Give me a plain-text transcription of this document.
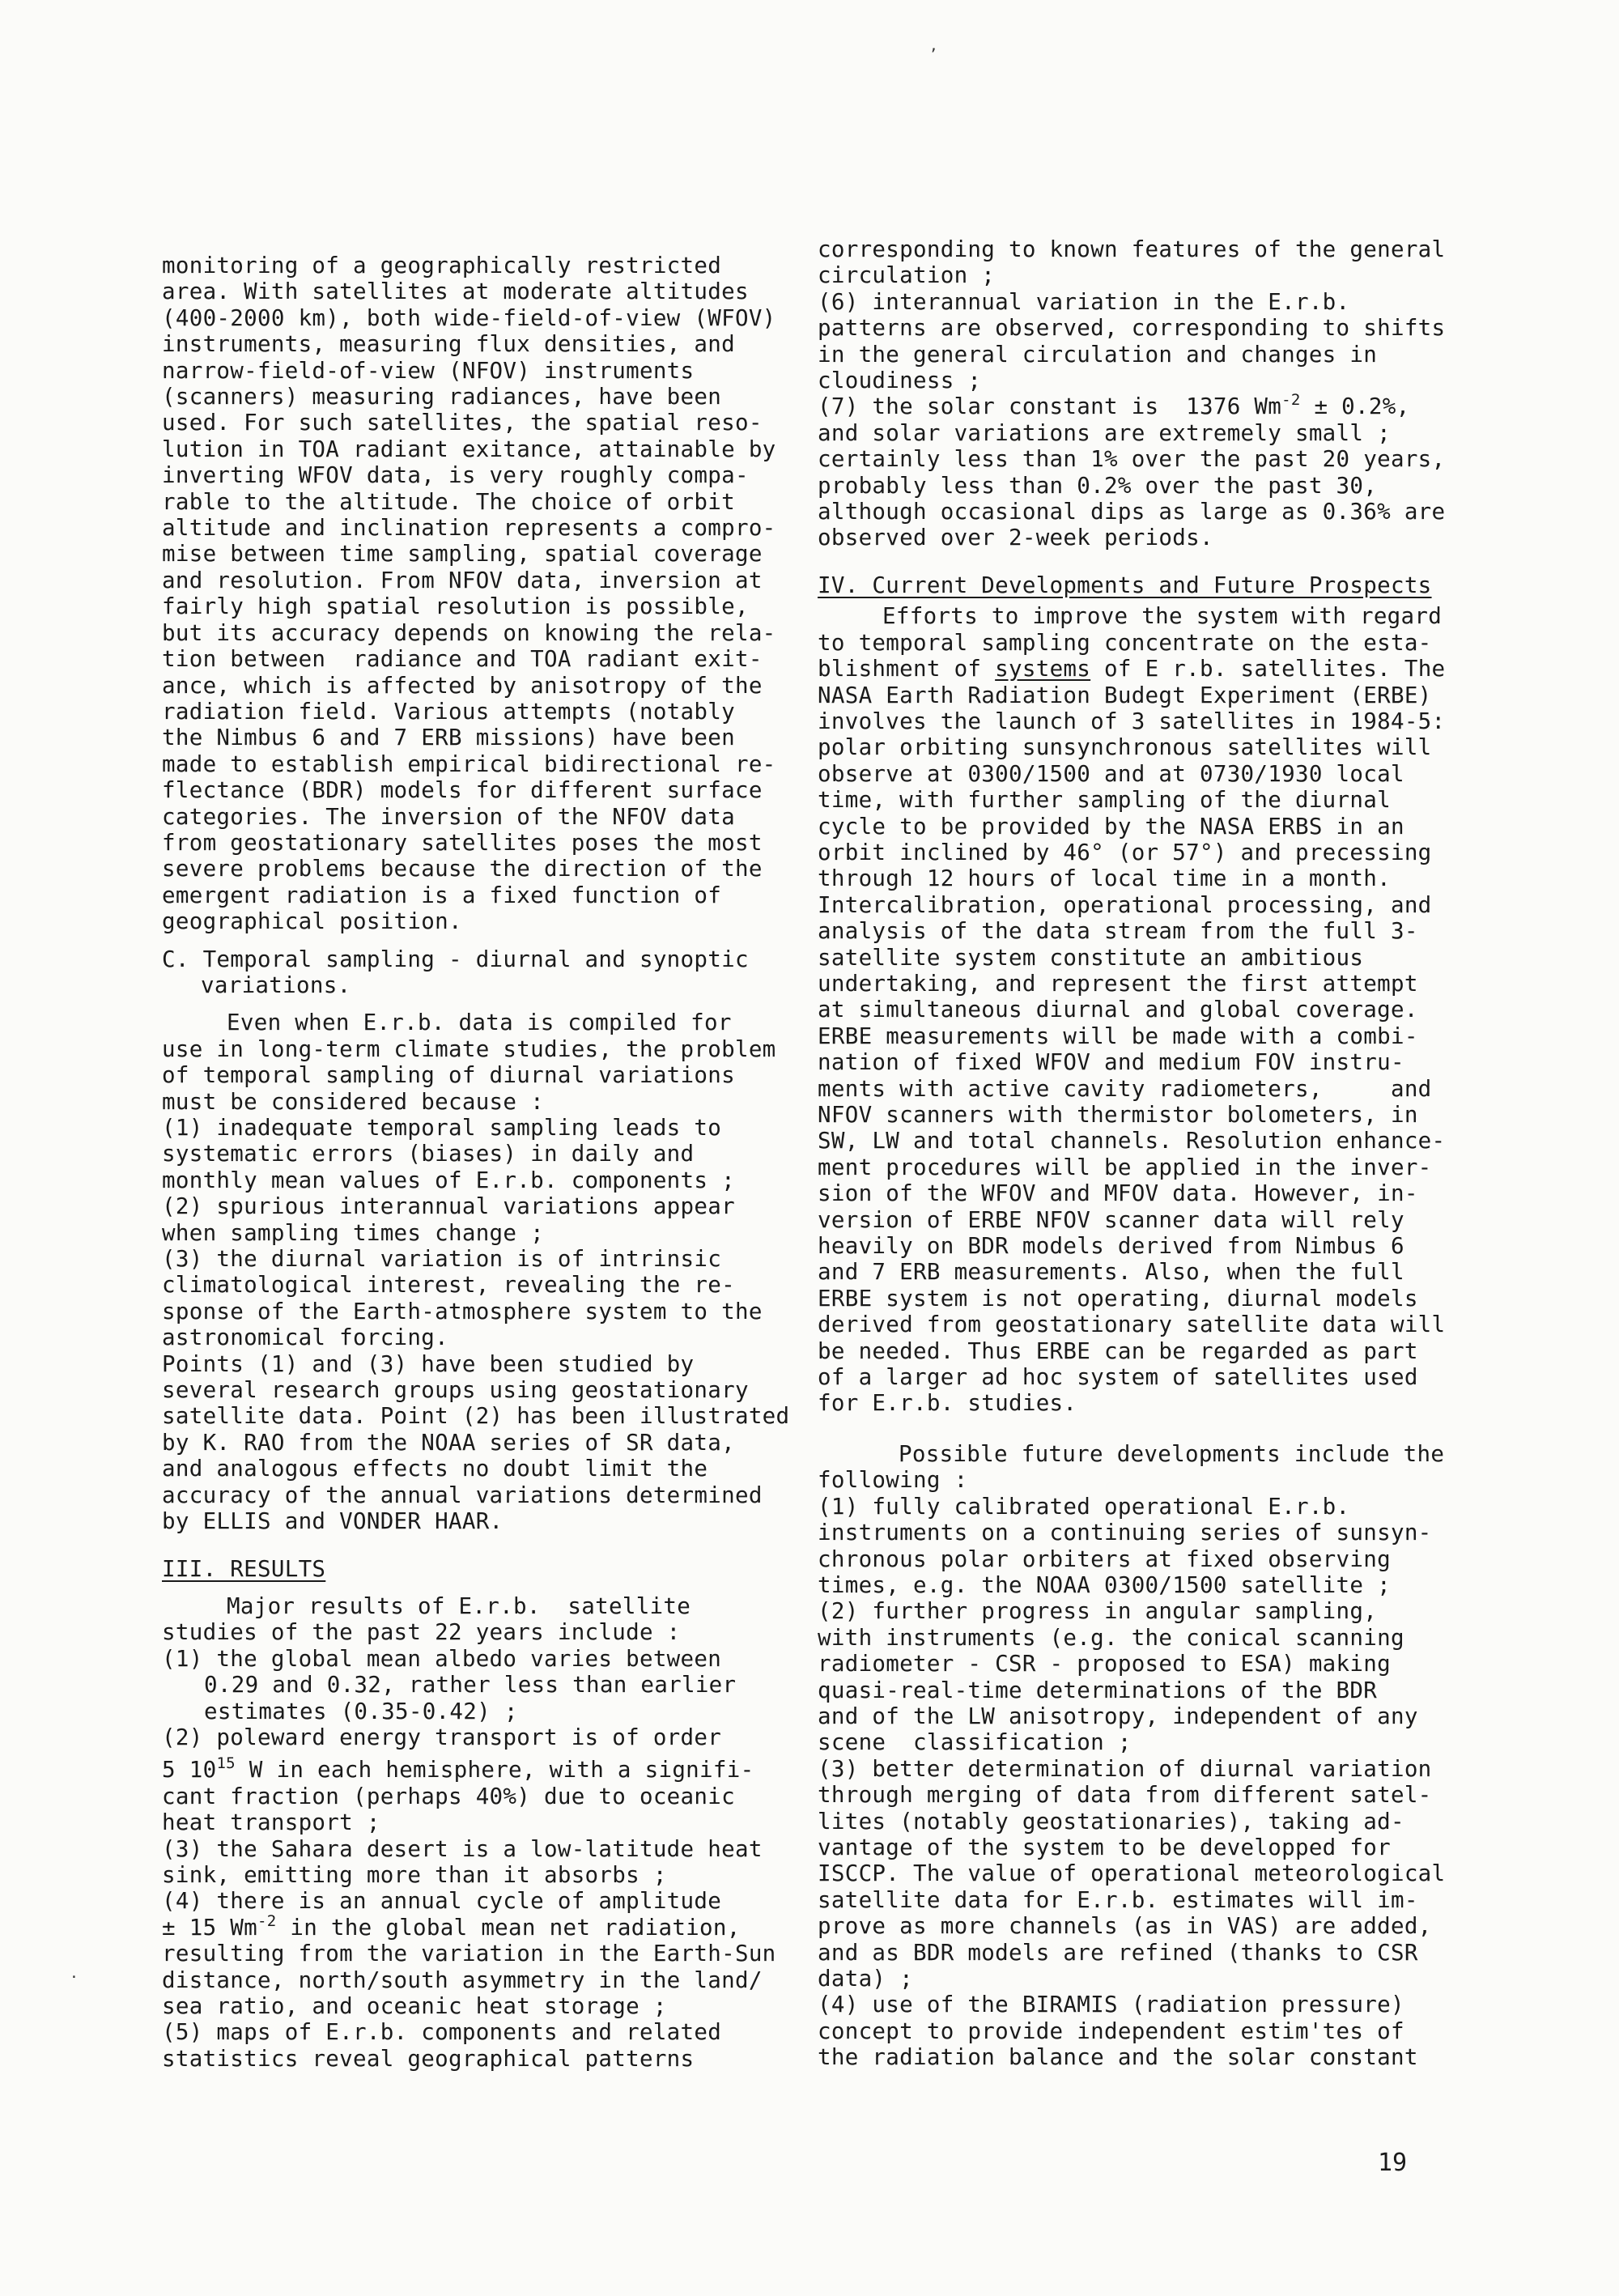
monitoring of a geographically restricted
area. With satellites at moderate altitudes
(400-2000 km), both wide-field-of-view (WFOV)
instruments, measuring flux densities, and
narrow-field-of-view (NFOV) instruments
(scanners) measuring radiances, have been
used. For such satellites, the spatial reso-
lution in TOA radiant exitance, attainable by
inverting WFOV data, is very roughly compa-
rable to the altitude. The choice of orbit
altitude and inclination represents a compro-
mise between time sampling, spatial coverage
and resolution. From NFOV data, inversion at
fairly high spatial resolution is possible,
but its accuracy depends on knowing the rela-
tion between  radiance and TOA radiant exit-
ance, which is affected by anisotropy of the
radiation field. Various attempts (notably
the Nimbus 6 and 7 ERB missions) have been
made to establish empirical bidirectional re-
flectance (BDR) models for different surface
categories. The inversion of the NFOV data
from geostationary satellites poses the most
severe problems because the direction of the
emergent radiation is a fixed function of
geographical position.
C. Temporal sampling - diurnal and synoptic
variations.
Even when E.r.b. data is compiled for
use in long-term climate studies, the problem
of temporal sampling of diurnal variations
must be considered because :
(1) inadequate temporal sampling leads to
systematic errors (biases) in daily and
monthly mean values of E.r.b. components ;
(2) spurious interannual variations appear
when sampling times change ;
(3) the diurnal variation is of intrinsic
climatological interest, revealing the re-
sponse of the Earth-atmosphere system to the
astronomical forcing.
Points (1) and (3) have been studied by
several research groups using geostationary
satellite data. Point (2) has been illustrated
by K. RAO from the NOAA series of SR data,
and analogous effects no doubt limit the
accuracy of the annual variations determined
by ELLIS and VONDER HAAR.
III. RESULTS
Major results of E.r.b.  satellite
studies of the past 22 years include :
(1) the global mean albedo varies between
0.29 and 0.32, rather less than earlier
estimates (0.35-0.42) ;
(2) poleward energy transport is of order
5 $10^{15}$ W in each hemisphere, with a signifi-
cant fraction (perhaps 40%) due to oceanic
heat transport ;
(3) the Sahara desert is a low-latitude heat
sink, emitting more than it absorbs ;
(4) there is an annual cycle of amplitude
± 15 $Wm^{-2}$ in the global mean net radiation,
resulting from the variation in the Earth-Sun
distance, north/south asymmetry in the land/
sea ratio, and oceanic heat storage ;
(5) maps of E.r.b. components and related
statistics reveal geographical patterns
corresponding to known features of the general
circulation ;
(6) interannual variation in the E.r.b.
patterns are observed, corresponding to shifts
in the general circulation and changes in
cloudiness ;
(7) the solar constant is  1376 $Wm^{-2} \pm 0.2\%$,
and solar variations are extremely small ;
certainly less than 1% over the past 20 years,
probably less than 0.2% over the past 30,
although occasional dips as large as 0.36% are
observed over 2-week periods.
IV. Current Developments and Future Prospects
Efforts to improve the system with regard
to temporal sampling concentrate on the esta-
blishment of systems of E r.b. satellites. The
NASA Earth Radiation Budegt Experiment (ERBE)
involves the launch of 3 satellites in 1984-5:
polar orbiting sunsynchronous satellites will
observe at 0300/1500 and at 0730/1930 local
time, with further sampling of the diurnal
cycle to be provided by the NASA ERBS in an
orbit inclined by 46° (or 57°) and precessing
through 12 hours of local time in a month.
Intercalibration, operational processing, and
analysis of the data stream from the full 3-
satellite system constitute an ambitious
undertaking, and represent the first attempt
at simultaneous diurnal and global coverage.
ERBE measurements will be made with a combi-
nation of fixed WFOV and medium FOV instru-
ments with active cavity radiometers,     and
NFOV scanners with thermistor bolometers, in
SW, LW and total channels. Resolution enhance-
ment procedures will be applied in the inver-
sion of the WFOV and MFOV data. However, in-
version of ERBE NFOV scanner data will rely
heavily on BDR models derived from Nimbus 6
and 7 ERB measurements. Also, when the full
ERBE system is not operating, diurnal models
derived from geostationary satellite data will
be needed. Thus ERBE can be regarded as part
of a larger ad hoc system of satellites used
for E.r.b. studies.
Possible future developments include the
following :
(1) fully calibrated operational E.r.b.
instruments on a continuing series of sunsyn-
chronous polar orbiters at fixed observing
times, e.g. the NOAA 0300/1500 satellite ;
(2) further progress in angular sampling,
with instruments (e.g. the conical scanning
radiometer - CSR - proposed to ESA) making
quasi-real-time determinations of the BDR
and of the LW anisotropy, independent of any
scene  classification ;
(3) better determination of diurnal variation
through merging of data from different satel-
lites (notably geostationaries), taking ad-
vantage of the system to be developped for
ISCCP. The value of operational meteorological
satellite data for E.r.b. estimates will im-
prove as more channels (as in VAS) are added,
and as BDR models are refined (thanks to CSR
data) ;
(4) use of the BIRAMIS (radiation pressure)
concept to provide independent estim'tes of
the radiation balance and the solar constant
19
,
·
